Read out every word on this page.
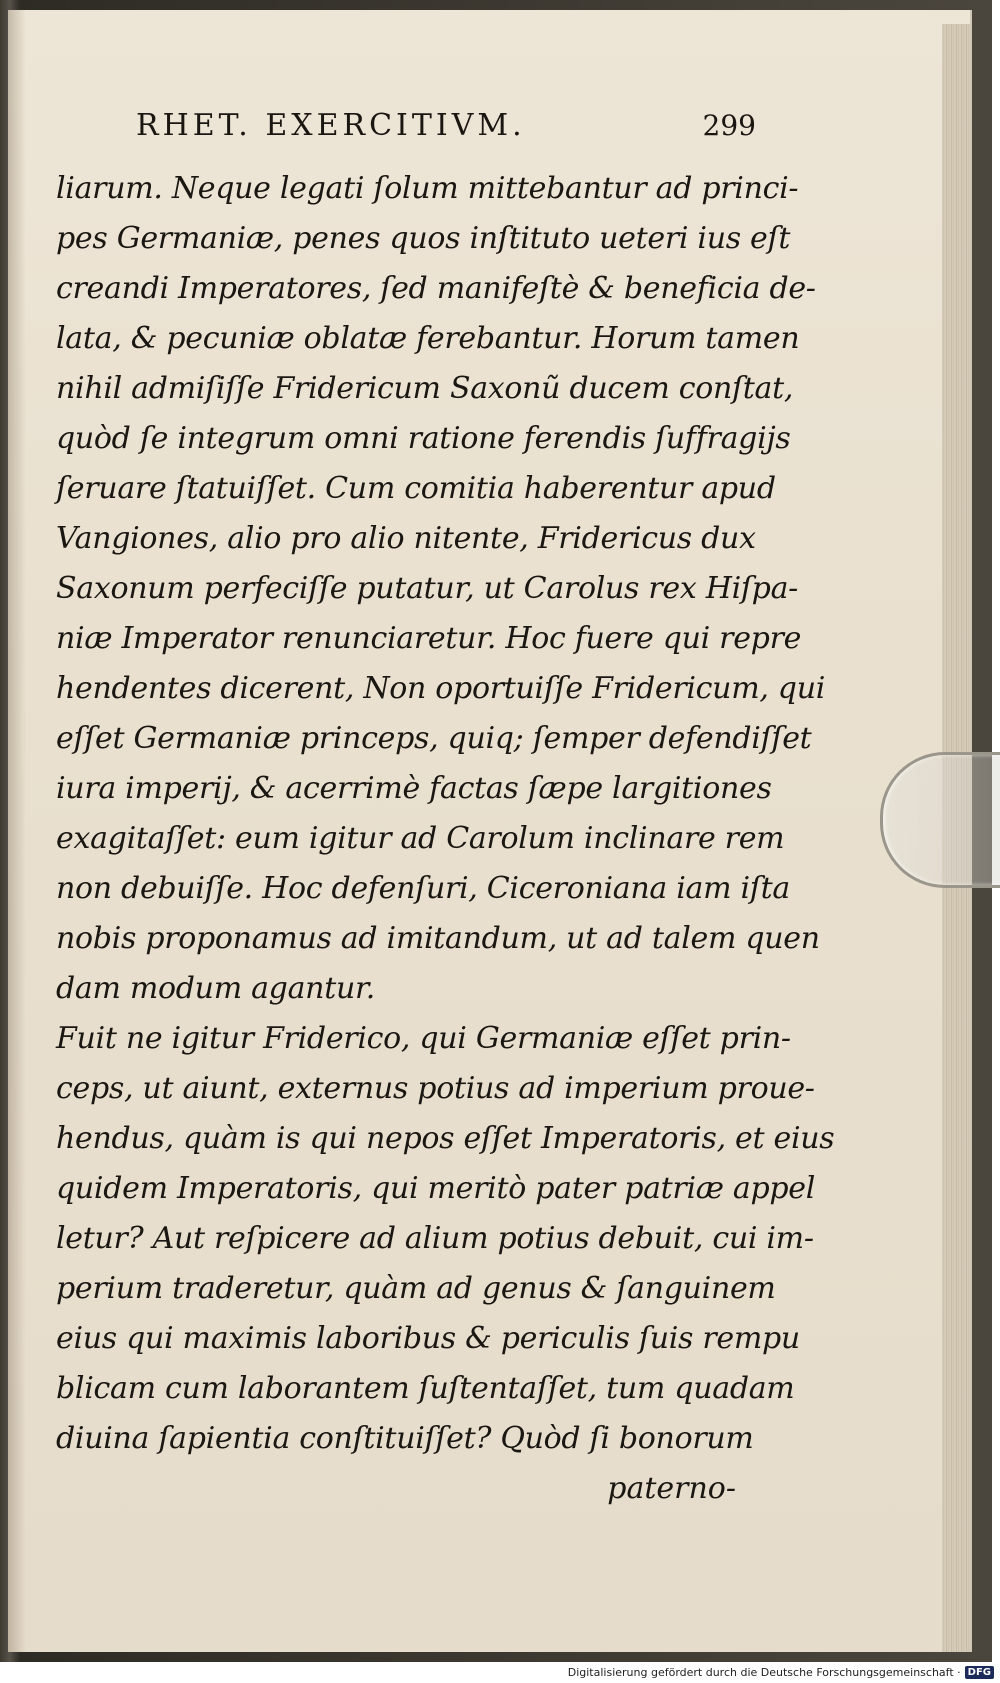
RHET. EXERCITIVM.	299
liarum. Neque legati ſolum mittebantur ad princi-
pes Germaniæ, penes quos inſtituto ueteri ius eſt
creandi Imperatores, ſed manifeſtè & beneficia de-
lata, & pecuniæ oblatæ ferebantur. Horum tamen
nihil admiſiſſe Fridericum Saxonũ ducem conſtat,
quòd ſe integrum omni ratione ferendis ſuffragijs
ſeruare ſtatuiſſet. Cum comitia haberentur apud
Vangiones, alio pro alio nitente, Fridericus dux
Saxonum perfeciſſe putatur, ut Carolus rex Hiſpa-
niæ Imperator renunciaretur. Hoc fuere qui repre
hendentes dicerent, Non oportuiſſe Fridericum, qui
eſſet Germaniæ princeps, quiq; ſemper defendiſſet
iura imperij, & acerrimè factas ſæpe largitiones
exagitaſſet: eum igitur ad Carolum inclinare rem
non debuiſſe. Hoc defenſuri, Ciceroniana iam iſta
nobis proponamus ad imitandum, ut ad talem quen
dam modum agantur.
Fuit ne igitur Friderico, qui Germaniæ eſſet prin-
ceps, ut aiunt, externus potius ad imperium proue-
hendus, quàm is qui nepos eſſet Imperatoris, et eius
quidem Imperatoris, qui meritò pater patriæ appel
letur? Aut reſpicere ad alium potius debuit, cui im-
perium traderetur, quàm ad genus & ſanguinem
eius qui maximis laboribus & periculis ſuis rempu
blicam cum laborantem ſuſtentaſſet, tum quadam
diuina ſapientia conſtituiſſet? Quòd ſi bonorum
paterno-
Digitalisierung gefördert durch die Deutsche Forschungsgemeinschaft · DFG
